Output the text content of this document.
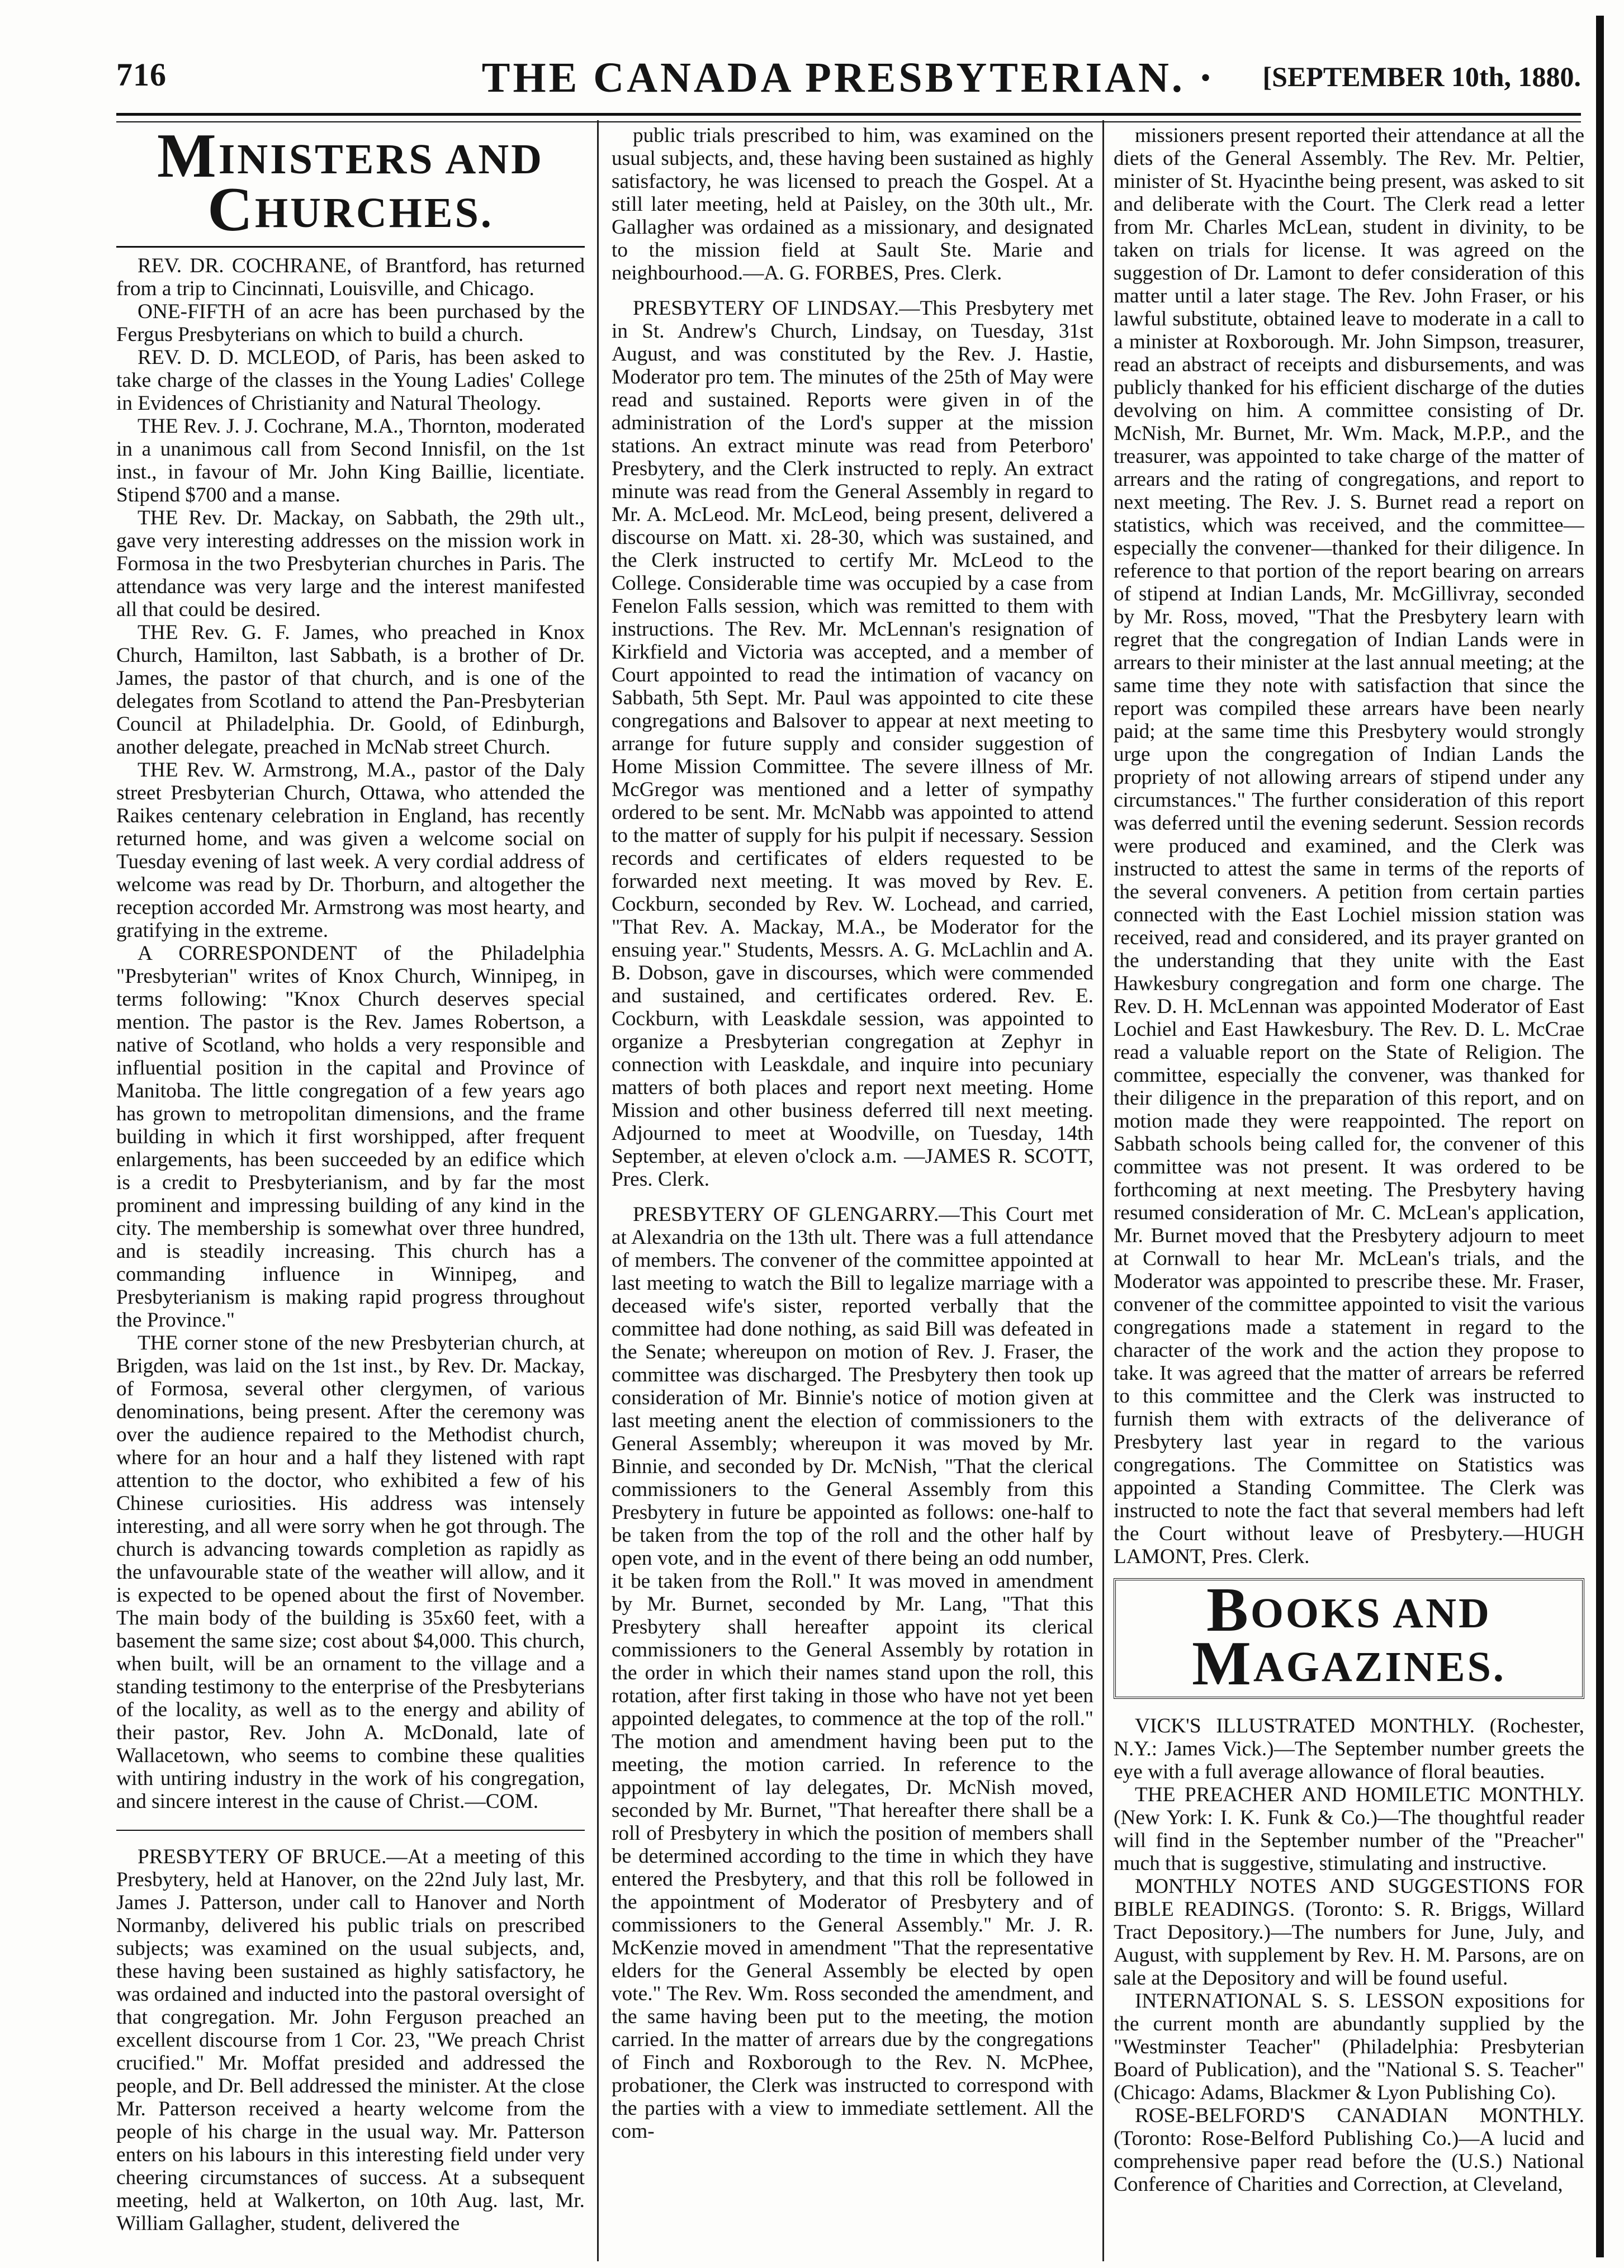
716	THE CANADA PRESBYTERIAN. ·	[SEPTEMBER 10th, 1880.
MINISTERS AND CHURCHES.

REV. DR. COCHRANE, of Brantford, has returned from a trip to Cincinnati, Louisville, and Chicago.

ONE-FIFTH of an acre has been purchased by the Fergus Presbyterians on which to build a church.

REV. D. D. MCLEOD, of Paris, has been asked to take charge of the classes in the Young Ladies' College in Evidences of Christianity and Natural Theology.

THE Rev. J. J. Cochrane, M.A., Thornton, moderated in a unanimous call from Second Innisfil, on the 1st inst., in favour of Mr. John King Baillie, licentiate. Stipend $700 and a manse.

THE Rev. Dr. Mackay, on Sabbath, the 29th ult., gave very interesting addresses on the mission work in Formosa in the two Presbyterian churches in Paris. The attendance was very large and the interest manifested all that could be desired.

THE Rev. G. F. James, who preached in Knox Church, Hamilton, last Sabbath, is a brother of Dr. James, the pastor of that church, and is one of the delegates from Scotland to attend the Pan-Presbyterian Council at Philadelphia. Dr. Goold, of Edinburgh, another delegate, preached in McNab street Church.

THE Rev. W. Armstrong, M.A., pastor of the Daly street Presbyterian Church, Ottawa, who attended the Raikes centenary celebration in England, has recently returned home, and was given a welcome social on Tuesday evening of last week. A very cordial address of welcome was read by Dr. Thorburn, and altogether the reception accorded Mr. Armstrong was most hearty, and gratifying in the extreme.

A CORRESPONDENT of the Philadelphia "Presbyterian" writes of Knox Church, Winnipeg, in terms following: "Knox Church deserves special mention. The pastor is the Rev. James Robertson, a native of Scotland, who holds a very responsible and influential position in the capital and Province of Manitoba. The little congregation of a few years ago has grown to metropolitan dimensions, and the frame building in which it first worshipped, after frequent enlargements, has been succeeded by an edifice which is a credit to Presbyterianism, and by far the most prominent and impressing building of any kind in the city. The membership is somewhat over three hundred, and is steadily increasing. This church has a commanding influence in Winnipeg, and Presbyterianism is making rapid progress throughout the Province."

THE corner stone of the new Presbyterian church, at Brigden, was laid on the 1st inst., by Rev. Dr. Mackay, of Formosa, several other clergymen, of various denominations, being present. After the ceremony was over the audience repaired to the Methodist church, where for an hour and a half they listened with rapt attention to the doctor, who exhibited a few of his Chinese curiosities. His address was intensely interesting, and all were sorry when he got through. The church is advancing towards completion as rapidly as the unfavourable state of the weather will allow, and it is expected to be opened about the first of November. The main body of the building is 35x60 feet, with a basement the same size; cost about $4,000. This church, when built, will be an ornament to the village and a standing testimony to the enterprise of the Presbyterians of the locality, as well as to the energy and ability of their pastor, Rev. John A. McDonald, late of Wallacetown, who seems to combine these qualities with untiring industry in the work of his congregation, and sincere interest in the cause of Christ.—COM.

PRESBYTERY OF BRUCE.—At a meeting of this Presbytery, held at Hanover, on the 22nd July last, Mr. James J. Patterson, under call to Hanover and North Normanby, delivered his public trials on prescribed subjects; was examined on the usual subjects, and, these having been sustained as highly satisfactory, he was ordained and inducted into the pastoral oversight of that congregation. Mr. John Ferguson preached an excellent discourse from 1 Cor. 23, "We preach Christ crucified." Mr. Moffat presided and addressed the people, and Dr. Bell addressed the minister. At the close Mr. Patterson received a hearty welcome from the people of his charge in the usual way. Mr. Patterson enters on his labours in this interesting field under very cheering circumstances of success. At a subsequent meeting, held at Walkerton, on 10th Aug. last, Mr. William Gallagher, student, delivered the

public trials prescribed to him, was examined on the usual subjects, and, these having been sustained as highly satisfactory, he was licensed to preach the Gospel. At a still later meeting, held at Paisley, on the 30th ult., Mr. Gallagher was ordained as a missionary, and designated to the mission field at Sault Ste. Marie and neighbourhood.—A. G. FORBES, Pres. Clerk.

PRESBYTERY OF LINDSAY.—This Presbytery met in St. Andrew's Church, Lindsay, on Tuesday, 31st August, and was constituted by the Rev. J. Hastie, Moderator pro tem. The minutes of the 25th of May were read and sustained. Reports were given in of the administration of the Lord's supper at the mission stations. An extract minute was read from Peterboro' Presbytery, and the Clerk instructed to reply. An extract minute was read from the General Assembly in regard to Mr. A. McLeod. Mr. McLeod, being present, delivered a discourse on Matt. xi. 28-30, which was sustained, and the Clerk instructed to certify Mr. McLeod to the College. Considerable time was occupied by a case from Fenelon Falls session, which was remitted to them with instructions. The Rev. Mr. McLennan's resignation of Kirkfield and Victoria was accepted, and a member of Court appointed to read the intimation of vacancy on Sabbath, 5th Sept. Mr. Paul was appointed to cite these congregations and Balsover to appear at next meeting to arrange for future supply and consider suggestion of Home Mission Committee. The severe illness of Mr. McGregor was mentioned and a letter of sympathy ordered to be sent. Mr. McNabb was appointed to attend to the matter of supply for his pulpit if necessary. Session records and certificates of elders requested to be forwarded next meeting. It was moved by Rev. E. Cockburn, seconded by Rev. W. Lochead, and carried, "That Rev. A. Mackay, M.A., be Moderator for the ensuing year." Students, Messrs. A. G. McLachlin and A. B. Dobson, gave in discourses, which were commended and sustained, and certificates ordered. Rev. E. Cockburn, with Leaskdale session, was appointed to organize a Presbyterian congregation at Zephyr in connection with Leaskdale, and inquire into pecuniary matters of both places and report next meeting. Home Mission and other business deferred till next meeting. Adjourned to meet at Woodville, on Tuesday, 14th September, at eleven o'clock a.m. —JAMES R. SCOTT, Pres. Clerk.

PRESBYTERY OF GLENGARRY.—This Court met at Alexandria on the 13th ult. There was a full attendance of members. The convener of the committee appointed at last meeting to watch the Bill to legalize marriage with a deceased wife's sister, reported verbally that the committee had done nothing, as said Bill was defeated in the Senate; whereupon on motion of Rev. J. Fraser, the committee was discharged. The Presbytery then took up consideration of Mr. Binnie's notice of motion given at last meeting anent the election of commissioners to the General Assembly; whereupon it was moved by Mr. Binnie, and seconded by Dr. McNish, "That the clerical commissioners to the General Assembly from this Presbytery in future be appointed as follows: one-half to be taken from the top of the roll and the other half by open vote, and in the event of there being an odd number, it be taken from the Roll." It was moved in amendment by Mr. Burnet, seconded by Mr. Lang, "That this Presbytery shall hereafter appoint its clerical commissioners to the General Assembly by rotation in the order in which their names stand upon the roll, this rotation, after first taking in those who have not yet been appointed delegates, to commence at the top of the roll." The motion and amendment having been put to the meeting, the motion carried. In reference to the appointment of lay delegates, Dr. McNish moved, seconded by Mr. Burnet, "That hereafter there shall be a roll of Presbytery in which the position of members shall be determined according to the time in which they have entered the Presbytery, and that this roll be followed in the appointment of Moderator of Presbytery and of commissioners to the General Assembly." Mr. J. R. McKenzie moved in amendment "That the representative elders for the General Assembly be elected by open vote." The Rev. Wm. Ross seconded the amendment, and the same having been put to the meeting, the motion carried. In the matter of arrears due by the congregations of Finch and Roxborough to the Rev. N. McPhee, probationer, the Clerk was instructed to correspond with the parties with a view to immediate settlement. All the com-

missioners present reported their attendance at all the diets of the General Assembly. The Rev. Mr. Peltier, minister of St. Hyacinthe being present, was asked to sit and deliberate with the Court. The Clerk read a letter from Mr. Charles McLean, student in divinity, to be taken on trials for license. It was agreed on the suggestion of Dr. Lamont to defer consideration of this matter until a later stage. The Rev. John Fraser, or his lawful substitute, obtained leave to moderate in a call to a minister at Roxborough. Mr. John Simpson, treasurer, read an abstract of receipts and disbursements, and was publicly thanked for his efficient discharge of the duties devolving on him. A committee consisting of Dr. McNish, Mr. Burnet, Mr. Wm. Mack, M.P.P., and the treasurer, was appointed to take charge of the matter of arrears and the rating of congregations, and report to next meeting. The Rev. J. S. Burnet read a report on statistics, which was received, and the committee—especially the convener—thanked for their diligence. In reference to that portion of the report bearing on arrears of stipend at Indian Lands, Mr. McGillivray, seconded by Mr. Ross, moved, "That the Presbytery learn with regret that the congregation of Indian Lands were in arrears to their minister at the last annual meeting; at the same time they note with satisfaction that since the report was compiled these arrears have been nearly paid; at the same time this Presbytery would strongly urge upon the congregation of Indian Lands the propriety of not allowing arrears of stipend under any circumstances." The further consideration of this report was deferred until the evening sederunt. Session records were produced and examined, and the Clerk was instructed to attest the same in terms of the reports of the several conveners. A petition from certain parties connected with the East Lochiel mission station was received, read and considered, and its prayer granted on the understanding that they unite with the East Hawkesbury congregation and form one charge. The Rev. D. H. McLennan was appointed Moderator of East Lochiel and East Hawkesbury. The Rev. D. L. McCrae read a valuable report on the State of Religion. The committee, especially the convener, was thanked for their diligence in the preparation of this report, and on motion made they were reappointed. The report on Sabbath schools being called for, the convener of this committee was not present. It was ordered to be forthcoming at next meeting. The Presbytery having resumed consideration of Mr. C. McLean's application, Mr. Burnet moved that the Presbytery adjourn to meet at Cornwall to hear Mr. McLean's trials, and the Moderator was appointed to prescribe these. Mr. Fraser, convener of the committee appointed to visit the various congregations made a statement in regard to the character of the work and the action they propose to take. It was agreed that the matter of arrears be referred to this committee and the Clerk was instructed to furnish them with extracts of the deliverance of Presbytery last year in regard to the various congregations. The Committee on Statistics was appointed a Standing Committee. The Clerk was instructed to note the fact that several members had left the Court without leave of Presbytery.—HUGH LAMONT, Pres. Clerk.

BOOKS AND MAGAZINES.

VICK'S ILLUSTRATED MONTHLY. (Rochester, N.Y.: James Vick.)—The September number greets the eye with a full average allowance of floral beauties.

THE PREACHER AND HOMILETIC MONTHLY. (New York: I. K. Funk & Co.)—The thoughtful reader will find in the September number of the "Preacher" much that is suggestive, stimulating and instructive.

MONTHLY NOTES AND SUGGESTIONS FOR BIBLE READINGS. (Toronto: S. R. Briggs, Willard Tract Depository.)—The numbers for June, July, and August, with supplement by Rev. H. M. Parsons, are on sale at the Depository and will be found useful.

INTERNATIONAL S. S. LESSON expositions for the current month are abundantly supplied by the "Westminster Teacher" (Philadelphia: Presbyterian Board of Publication), and the "National S. S. Teacher" (Chicago: Adams, Blackmer & Lyon Publishing Co).

ROSE-BELFORD'S CANADIAN MONTHLY. (Toronto: Rose-Belford Publishing Co.)—A lucid and comprehensive paper read before the (U.S.) National Conference of Charities and Correction, at Cleveland,
